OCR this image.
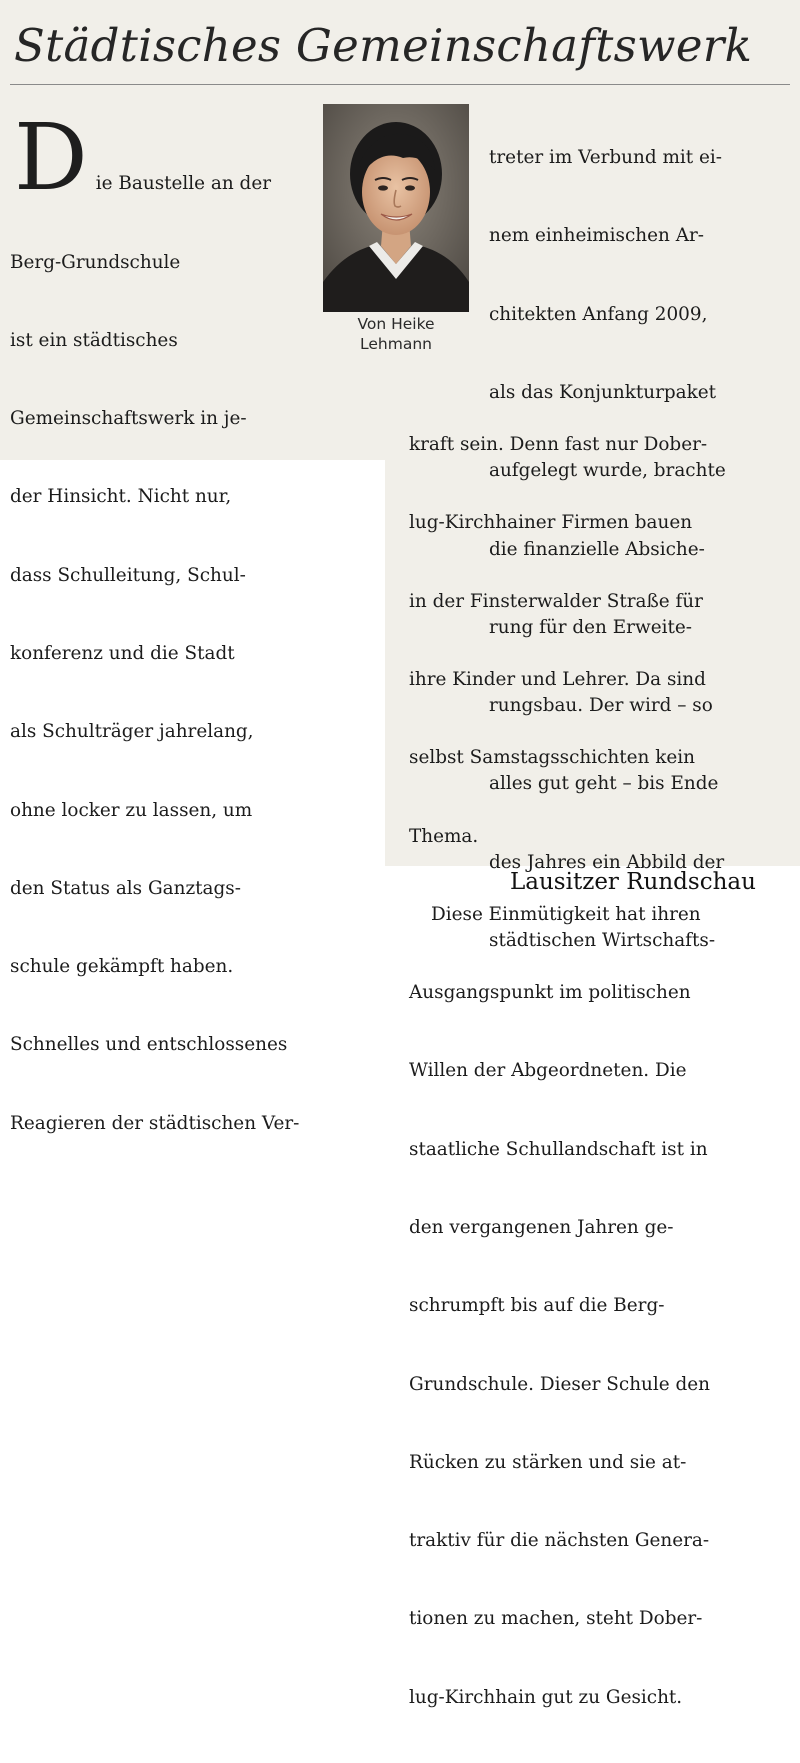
Städtisches Gemeinschaftswerk

D

ie Baustelle an der

Berg-Grundschule

ist ein städtisches

Gemeinschaftswerk in je-

der Hinsicht. Nicht nur,

dass Schulleitung, Schul-

konferenz und die Stadt

als Schulträger jahrelang,

ohne locker zu lassen, um

den Status als Ganztags-

schule gekämpft haben.

Schnelles und entschlossenes

Reagieren der städtischen Ver-

Von Heike
Lehmann

treter im Verbund mit ei-

nem einheimischen Ar-

chitekten Anfang 2009,

als das Konjunkturpaket

aufgelegt wurde, brachte

die finanzielle Absiche-

rung für den Erweite-

rungsbau. Der wird – so

alles gut geht – bis Ende

des Jahres ein Abbild der

städtischen Wirtschafts-

kraft sein. Denn fast nur Dober-

lug-Kirchhainer Firmen bauen

in der Finsterwalder Straße für

ihre Kinder und Lehrer. Da sind

selbst Samstagsschichten kein

Thema.

Diese Einmütigkeit hat ihren

Ausgangspunkt im politischen

Willen der Abgeordneten. Die

staatliche Schullandschaft ist in

den vergangenen Jahren ge-

schrumpft bis auf die Berg-

Grundschule. Dieser Schule den

Rücken zu stärken und sie at-

traktiv für die nächsten Genera-

tionen zu machen, steht Dober-

lug-Kirchhain gut zu Gesicht.

Lausitzer Rundschau
